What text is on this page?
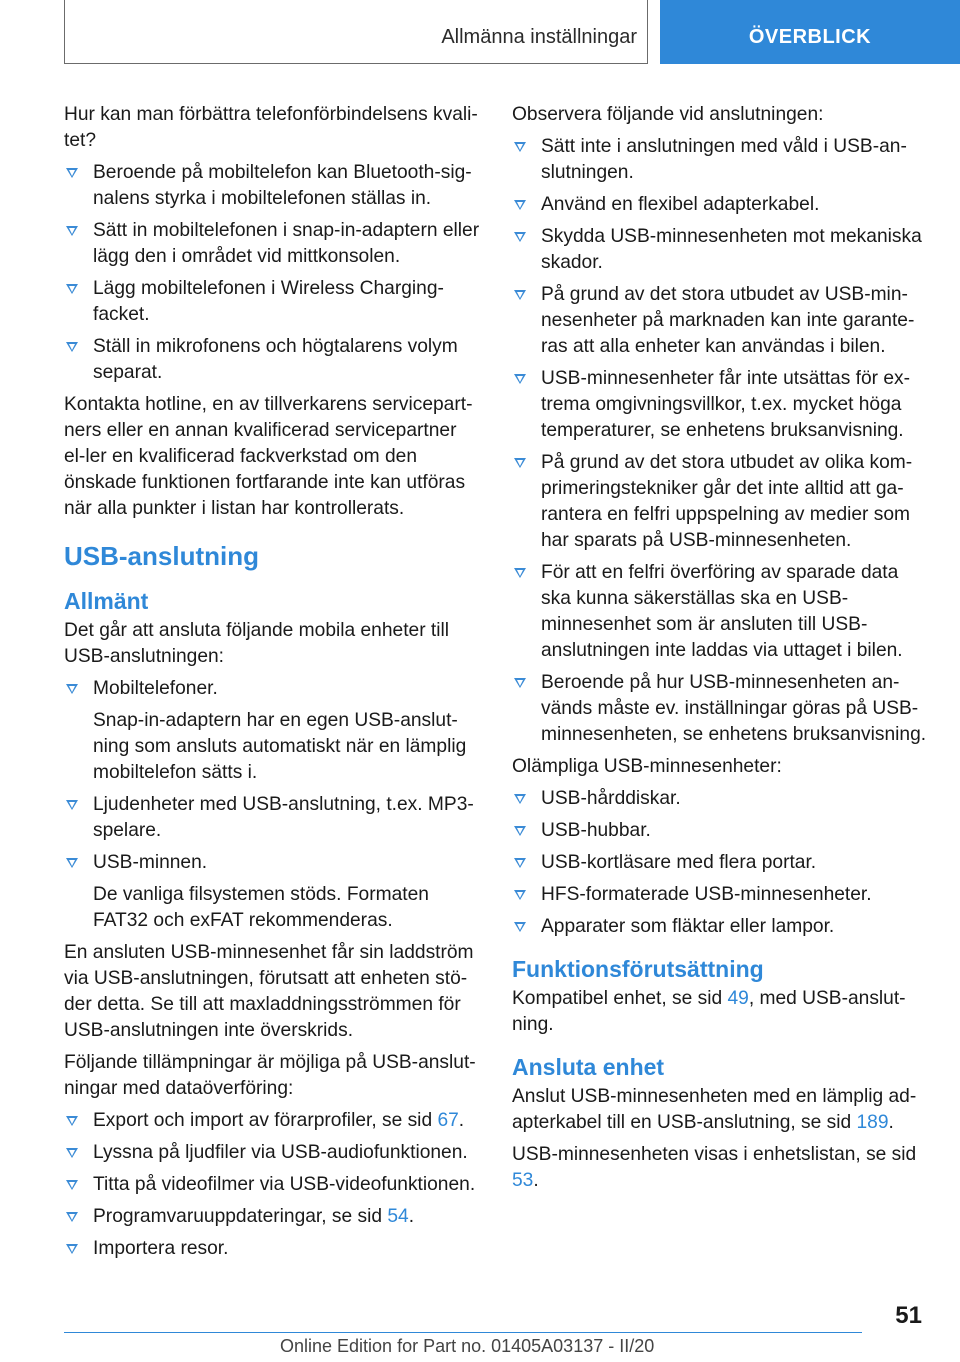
Allmänna inställningar	ÖVERBLICK

Hur kan man förbättra telefonförbindelsens kvali-tet?

Beroende på mobiltelefon kan Bluetooth-sig-nalens styrka i mobiltelefonen ställas in.
Sätt in mobiltelefonen i snap-in-adaptern eller lägg den i området vid mittkonsolen.
Lägg mobiltelefonen i Wireless Charging-facket.
Ställ in mikrofonens och högtalarens volym separat.

Kontakta hotline, en av tillverkarens servicepart-ners eller en annan kvalificerad servicepartner el-ler en kvalificerad fackverkstad om den önskade funktionen fortfarande inte kan utföras när alla punkter i listan har kontrollerats.

USB-anslutning
Allmänt

Det går att ansluta följande mobila enheter till USB-anslutningen:

Mobiltelefoner.
Snap-in-adaptern har en egen USB-anslut-ning som ansluts automatiskt när en lämplig mobiltelefon sätts i.
Ljudenheter med USB-anslutning, t.ex. MP3-spelare.
USB-minnen.
De vanliga filsystemen stöds. Formaten FAT32 och exFAT rekommenderas.

En ansluten USB-minnesenhet får sin laddström via USB-anslutningen, förutsatt att enheten stö-der detta. Se till att maxladdningsströmmen för USB-anslutningen inte överskrids.

Följande tillämpningar är möjliga på USB-anslut-ningar med dataöverföring:

Export och import av förarprofiler, se sid 67.
Lyssna på ljudfiler via USB-audiofunktionen.
Titta på videofilmer via USB-videofunktionen.
Programvaruuppdateringar, se sid 54.
Importera resor.

Observera följande vid anslutningen:

Sätt inte i anslutningen med våld i USB-an-slutningen.
Använd en flexibel adapterkabel.
Skydda USB-minnesenheten mot mekaniska skador.
På grund av det stora utbudet av USB-min-nesenheter på marknaden kan inte garante-ras att alla enheter kan användas i bilen.
USB-minnesenheter får inte utsättas för ex-trema omgivningsvillkor, t.ex. mycket höga temperaturer, se enhetens bruksanvisning.
På grund av det stora utbudet av olika kom-primeringstekniker går det inte alltid att ga-rantera en felfri uppspelning av medier som har sparats på USB-minnesenheten.
För att en felfri överföring av sparade data ska kunna säkerställas ska en USB-minnesenhet som är ansluten till USB-anslutningen inte laddas via uttaget i bilen.
Beroende på hur USB-minnesenheten an-vänds måste ev. inställningar göras på USB-minnesenheten, se enhetens bruksanvisning.

Olämpliga USB-minnesenheter:

USB-hårddiskar.
USB-hubbar.
USB-kortläsare med flera portar.
HFS-formaterade USB-minnesenheter.
Apparater som fläktar eller lampor.
Funktionsförutsättning

Kompatibel enhet, se sid 49, med USB-anslut-ning.

Ansluta enhet

Anslut USB-minnesenheten med en lämplig ad-apterkabel till en USB-anslutning, se sid 189.

USB-minnesenheten visas i enhetslistan, se sid 53.

51
Online Edition for Part no. 01405A03137 - II/20
